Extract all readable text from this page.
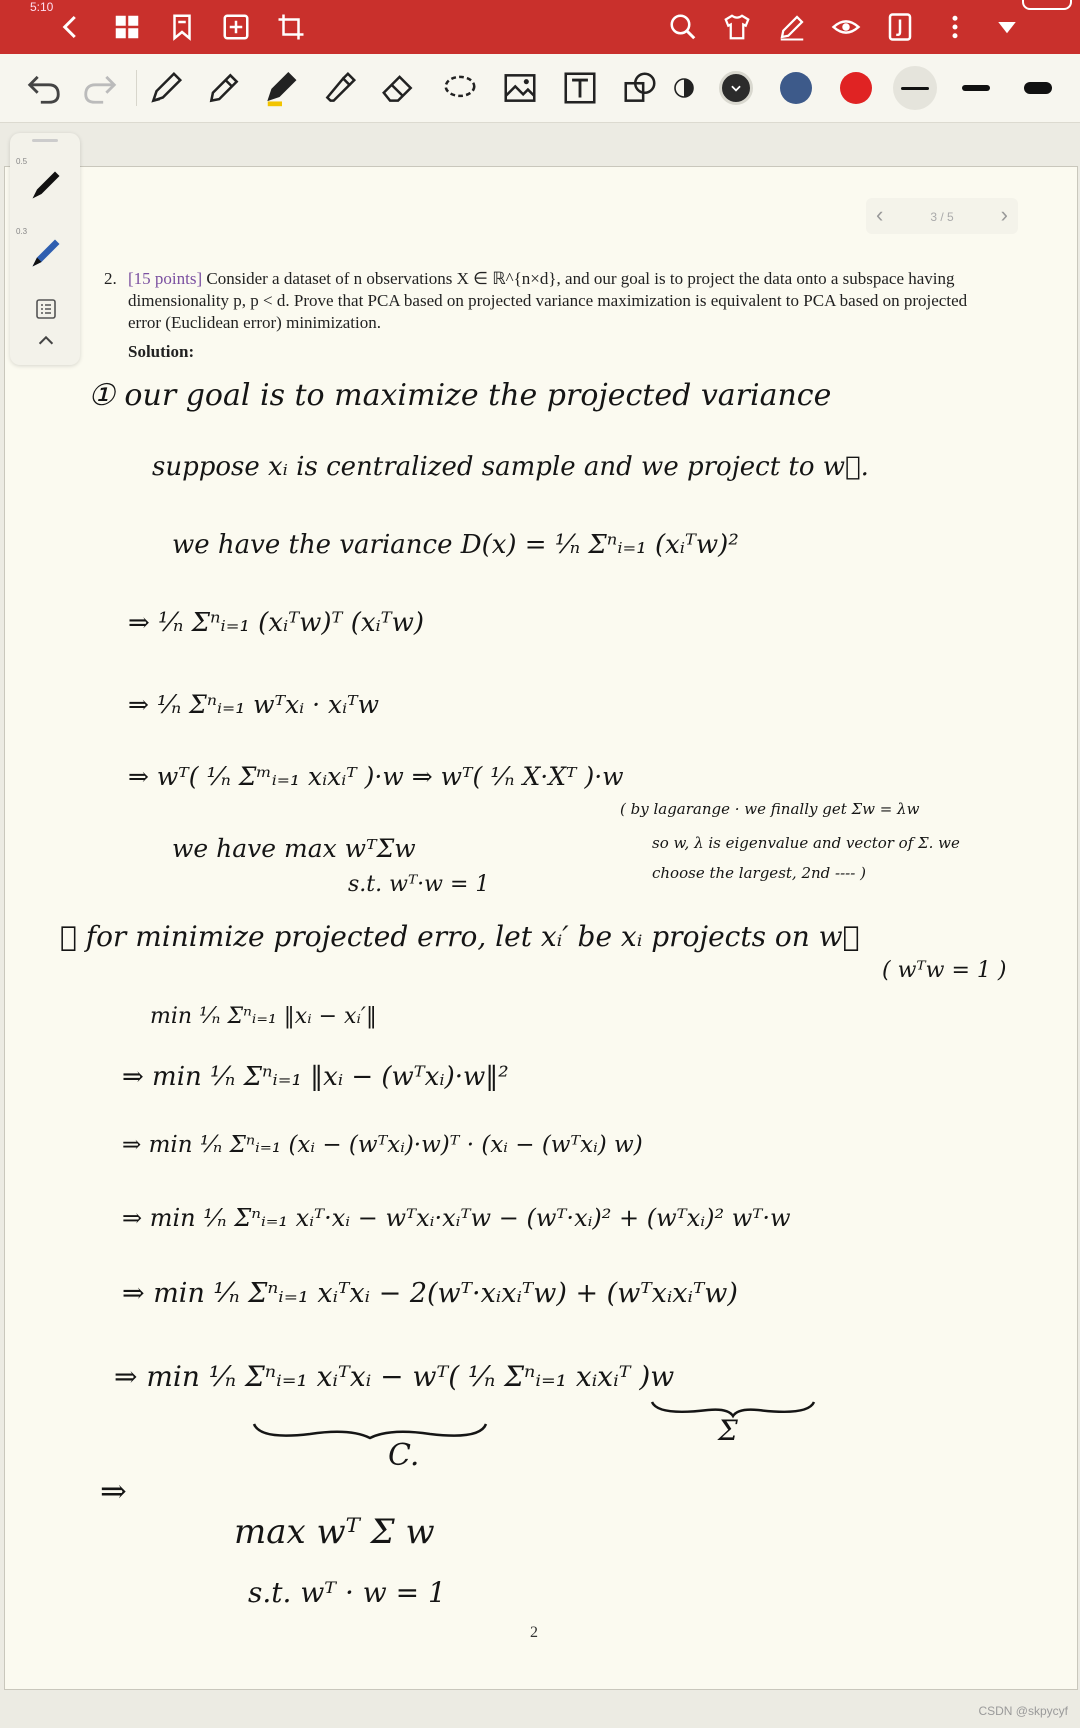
5:10
0.5
0.3
‹	3 / 5	›
2. [15 points] Consider a dataset of n observations X ∈ ℝ^{n×d}, and our goal is to project the data onto a subspace having dimensionality p, p < d. Prove that PCA based on projected variance maximization is equivalent to PCA based on projected error (Euclidean error) minimization.
Solution:
① our goal is to maximize the projected variance
suppose xᵢ is centralized sample and we project to w⃗.
we have the variance D(x) = ¹⁄ₙ Σⁿᵢ₌₁ (xᵢᵀw)²
⇒ ¹⁄ₙ Σⁿᵢ₌₁ (xᵢᵀw)ᵀ (xᵢᵀw)
⇒ ¹⁄ₙ Σⁿᵢ₌₁ wᵀxᵢ · xᵢᵀw
⇒ wᵀ( ¹⁄ₙ Σᵐᵢ₌₁ xᵢxᵢᵀ )·w ⇒ wᵀ( ¹⁄ₙ X·Xᵀ )·w
we have max wᵀΣw
s.t. wᵀ·w = 1
( by lagarange · we finally get Σw = λw
so w, λ is eigenvalue and vector of Σ. we
choose the largest, 2nd ---- )
② for minimize projected erro, let xᵢ′ be xᵢ projects on w⃗
( wᵀw = 1 )
min ¹⁄ₙ Σⁿᵢ₌₁ ‖xᵢ − xᵢ′‖
⇒ min ¹⁄ₙ Σⁿᵢ₌₁ ‖xᵢ − (wᵀxᵢ)·w‖²
⇒ min ¹⁄ₙ Σⁿᵢ₌₁ (xᵢ − (wᵀxᵢ)·w)ᵀ · (xᵢ − (wᵀxᵢ) w)
⇒ min ¹⁄ₙ Σⁿᵢ₌₁ xᵢᵀ·xᵢ − wᵀxᵢ·xᵢᵀw − (wᵀ·xᵢ)² + (wᵀxᵢ)² wᵀ·w
⇒ min ¹⁄ₙ Σⁿᵢ₌₁ xᵢᵀxᵢ − 2(wᵀ·xᵢxᵢᵀw) + (wᵀxᵢxᵢᵀw)
⇒ min ¹⁄ₙ Σⁿᵢ₌₁ xᵢᵀxᵢ − wᵀ( ¹⁄ₙ Σⁿᵢ₌₁ xᵢxᵢᵀ )w
C.
Σ
⇒
max wᵀ Σ w
s.t. wᵀ · w = 1
2
CSDN @skpycyf
